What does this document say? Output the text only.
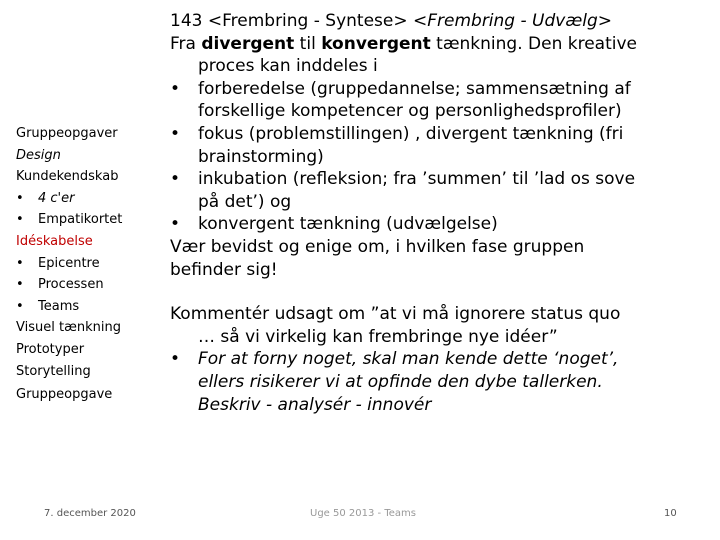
Gruppeopgaver
Design
Kundekendskab
• 4 c'er
• Empatikortet
Idéskabelse
• Epicentre
• Processen
• Teams
Visuel tænkning
Prototyper
Storytelling
Gruppeopgave

143 <Frembring - Syntese> <Frembring - Udvælg>

Fra divergent til konvergent tænkning. Den kreative

proces kan inddeles i

• forberedelse (gruppedannelse; sammensætning af
forskellige kompetencer og personlighedsprofiler)
• fokus (problemstillingen) , divergent tænkning (fri
brainstorming)
• inkubation (refleksion; fra ’summen’ til ’lad os sove
på det’) og
• konvergent tænkning (udvælgelse)

Vær bevidst og enige om, i hvilken fase gruppen

befinder sig!

Kommentér udsagt om ”at vi må ignorere status quo

… så vi virkelig kan frembringe nye idéer”

• For at forny noget, skal man kende dette ‘noget’,
ellers risikerer vi at opfinde den dybe tallerken.
Beskriv - analysér - innovér
7. december 2020	Uge 50 2013 - Teams	10
